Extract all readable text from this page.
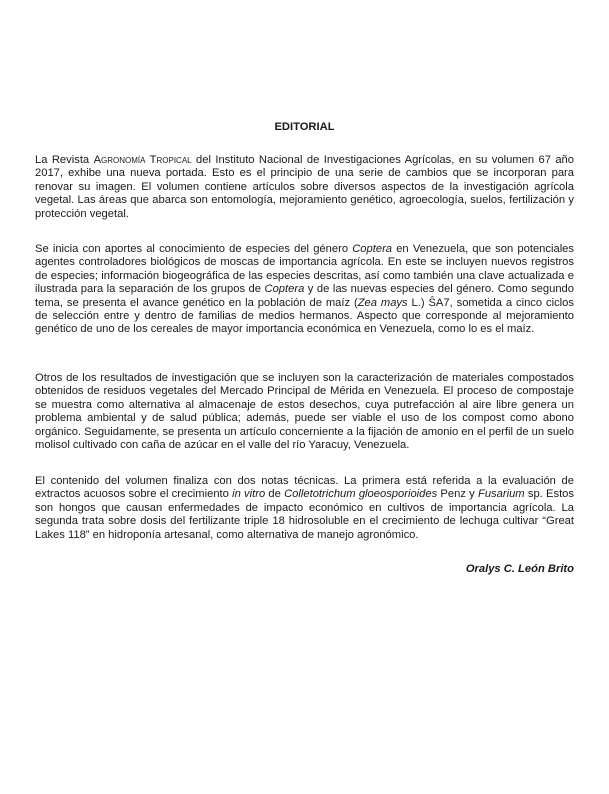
EDITORIAL

La Revista Agronomía Tropical del Instituto Nacional de Investigaciones Agrícolas, en su volumen 67 año 2017, exhibe una nueva portada. Esto es el principio de una serie de cambios que se incorporan para renovar su imagen. El volumen contiene artículos sobre diversos aspectos de la investigación agrícola vegetal. Las áreas que abarca son entomología, mejoramiento genético, agroecología, suelos, fertilización y protección vegetal.

Se inicia con aportes al conocimiento de especies del género Coptera en Venezuela, que son potenciales agentes controladores biológicos de moscas de importancia agrícola. En este se incluyen nuevos registros de especies; información biogeográfica de las especies descritas, así como también una clave actualizada e ilustrada para la separación de los grupos de Coptera y de las nuevas especies del género. Como segundo tema, se presenta el avance genético en la población de maíz (Zea mays L.) ŜA7, sometida a cinco ciclos de selección entre y dentro de familias de medios hermanos. Aspecto que corresponde al mejoramiento genético de uno de los cereales de mayor importancia económica en Venezuela, como lo es el maíz.

Otros de los resultados de investigación que se incluyen son la caracterización de materiales compostados obtenidos de residuos vegetales del Mercado Principal de Mérida en Venezuela. El proceso de compostaje se muestra como alternativa al almacenaje de estos desechos, cuya putrefacción al aire libre genera un problema ambiental y de salud pública; además, puede ser viable el uso de los compost como abono orgánico. Seguidamente, se presenta un artículo concerniente a la fijación de amonio en el perfil de un suelo molisol cultivado con caña de azúcar en el valle del río Yaracuy, Venezuela.

El contenido del volumen finaliza con dos notas técnicas. La primera está referida a la evaluación de extractos acuosos sobre el crecimiento in vitro de Colletotrichum gloeosporioides Penz y Fusarium sp. Estos son hongos que causan enfermedades de impacto económico en cultivos de importancia agrícola. La segunda trata sobre dosis del fertilizante triple 18 hidrosoluble en el crecimiento de lechuga cultivar “Great Lakes 118” en hidroponía artesanal, como alternativa de manejo agronómico.

Oralys C. León Brito
